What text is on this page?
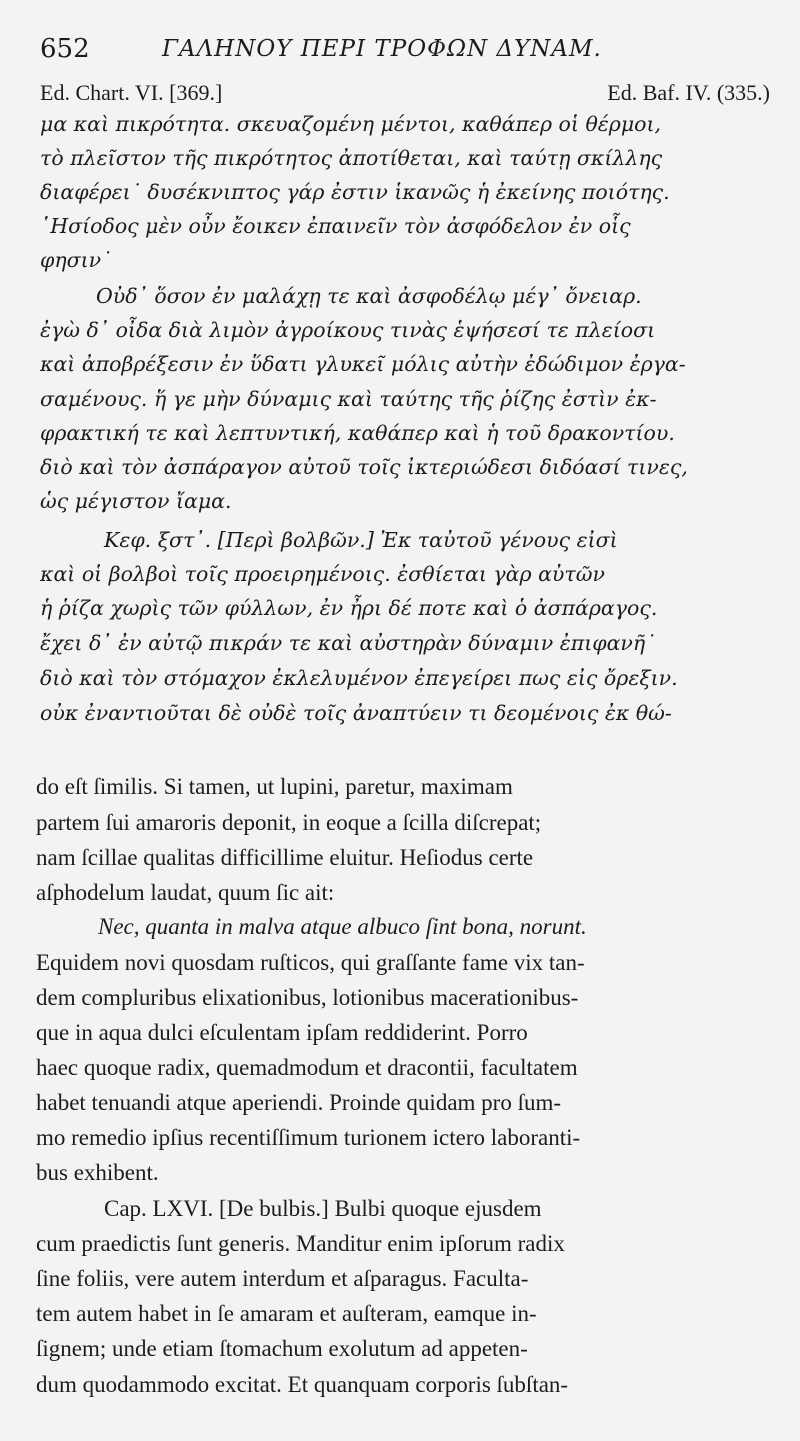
652	ΓΑΛΗΝΟΥ ΠΕΡΙ ΤΡΟΦΩΝ ΔΥΝΑΜ.
Ed. Chart. VI. [369.]	Ed. Baf. IV. (335.)
μα καὶ πικρότητα. σκευαζομένη μέντοι, καθάπερ οἱ θέρμοι,
τὸ πλεῖστον τῆς πικρότητος ἀποτίθεται, καὶ ταύτῃ σκίλλης
διαφέρει˙ δυσέκνιπτος γάρ ἐστιν ἱκανῶς ἡ ἐκείνης ποιότης.
῾Ησίοδος μὲν οὖν ἔοικεν ἐπαινεῖν τὸν ἀσφόδελον ἐν οἷς
φησιν˙
Οὐδ᾽ ὅσον ἐν μαλάχῃ τε καὶ ἀσφοδέλῳ μέγ᾽ ὄνειαρ.
ἐγὼ δ᾽ οἶδα διὰ λιμὸν ἀγροίκους τινὰς ἑψήσεσί τε πλείοσι
καὶ ἀποβρέξεσιν ἐν ὕδατι γλυκεῖ μόλις αὐτὴν ἐδώδιμον ἐργα-
σαμένους. ἥ γε μὴν δύναμις καὶ ταύτης τῆς ῥίζης ἐστὶν ἐκ-
φρακτική τε καὶ λεπτυντική, καθάπερ καὶ ἡ τοῦ δρακοντίου.
διὸ καὶ τὸν ἀσπάραγον αὐτοῦ τοῖς ἰκτεριώδεσι διδόασί τινες,
ὡς μέγιστον ἴαμα.
Κεφ. ξστ᾽. [Περὶ βολβῶν.] Ἐκ ταὐτοῦ γένους εἰσὶ
καὶ οἱ βολβοὶ τοῖς προειρημένοις. ἐσθίεται γὰρ αὐτῶν
ἡ ῥίζα χωρὶς τῶν φύλλων, ἐν ἦρι δέ ποτε καὶ ὁ ἀσπάραγος.
ἔχει δ᾽ ἐν αὐτῷ πικράν τε καὶ αὐστηρὰν δύναμιν ἐπιφανῆ˙
διὸ καὶ τὸν στόμαχον ἐκλελυμένον ἐπεγείρει πως εἰς ὄρεξιν.
οὐκ ἐναντιοῦται δὲ οὐδὲ τοῖς ἀναπτύειν τι δεομένοις ἐκ θώ-
do eſt ſimilis. Si tamen, ut lupini, paretur, maximam
partem ſui amaroris deponit, in eoque a ſcilla diſcrepat;
nam ſcillae qualitas difficillime eluitur. Heſiodus certe
aſphodelum laudat, quum ſic ait:
Nec, quanta in malva atque albuco ſint bona, norunt.
Equidem novi quosdam ruſticos, qui graſſante fame vix tan-
dem compluribus elixationibus, lotionibus macerationibus-
que in aqua dulci eſculentam ipſam reddiderint. Porro
haec quoque radix, quemadmodum et dracontii, facultatem
habet tenuandi atque aperiendi. Proinde quidam pro ſum-
mo remedio ipſius recentiſſimum turionem ictero laboranti-
bus exhibent.
Cap. LXVI. [De bulbis.] Bulbi quoque ejusdem
cum praedictis ſunt generis. Manditur enim ipſorum radix
ſine foliis, vere autem interdum et aſparagus. Faculta-
tem autem habet in ſe amaram et auſteram, eamque in-
ſignem; unde etiam ſtomachum exolutum ad appeten-
dum quodammodo excitat. Et quanquam corporis ſubſtan-
